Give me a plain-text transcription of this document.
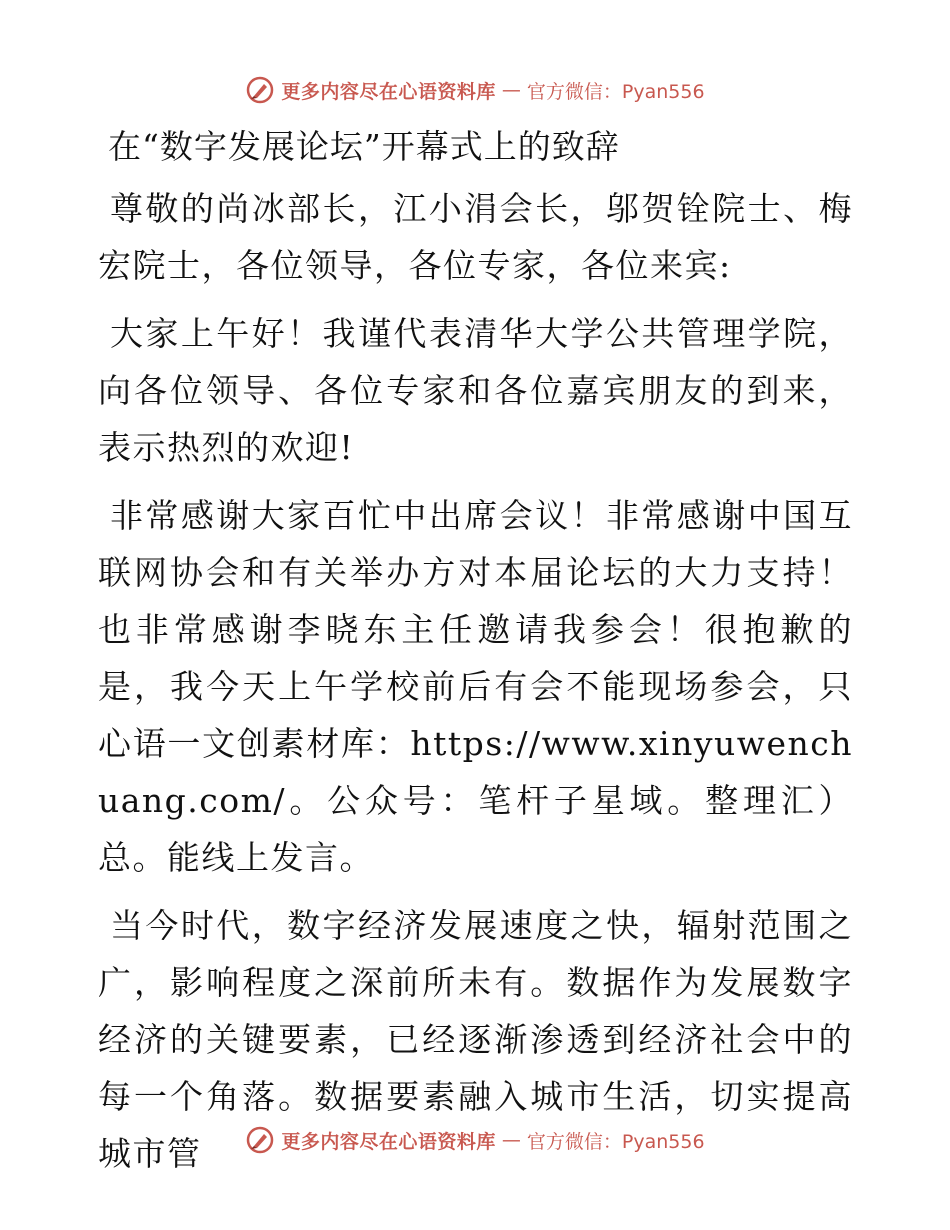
更多内容尽在心语资料库 — 官方微信：Pyan556
在“数字发展论坛”开幕式上的致辞

尊敬的尚冰部长，江小涓会长，邬贺铨院士、梅宏院士，各位领导，各位专家，各位来宾:

大家上午好！我谨代表清华大学公共管理学院，向各位领导、各位专家和各位嘉宾朋友的到来，表示热烈的欢迎!

非常感谢大家百忙中出席会议！非常感谢中国互联网协会和有关举办方对本届论坛的大力支持！也非常感谢李晓东主任邀请我参会！很抱歉的是，我今天上午学校前后有会不能现场参会，只心语一文创素材库：https://www.xinyuwenchuang.com/。公众号：笔杆子星域。整理汇）总。能线上发言。

当今时代，数字经济发展速度之快，辐射范围之广，影响程度之深前所未有。数据作为发展数字经济的关键要素，已经逐渐渗透到经济社会中的每一个角落。数据要素融入城市生活，切实提高城市管	更多内容尽在心语资料库 — 官方微信：Pyan556
